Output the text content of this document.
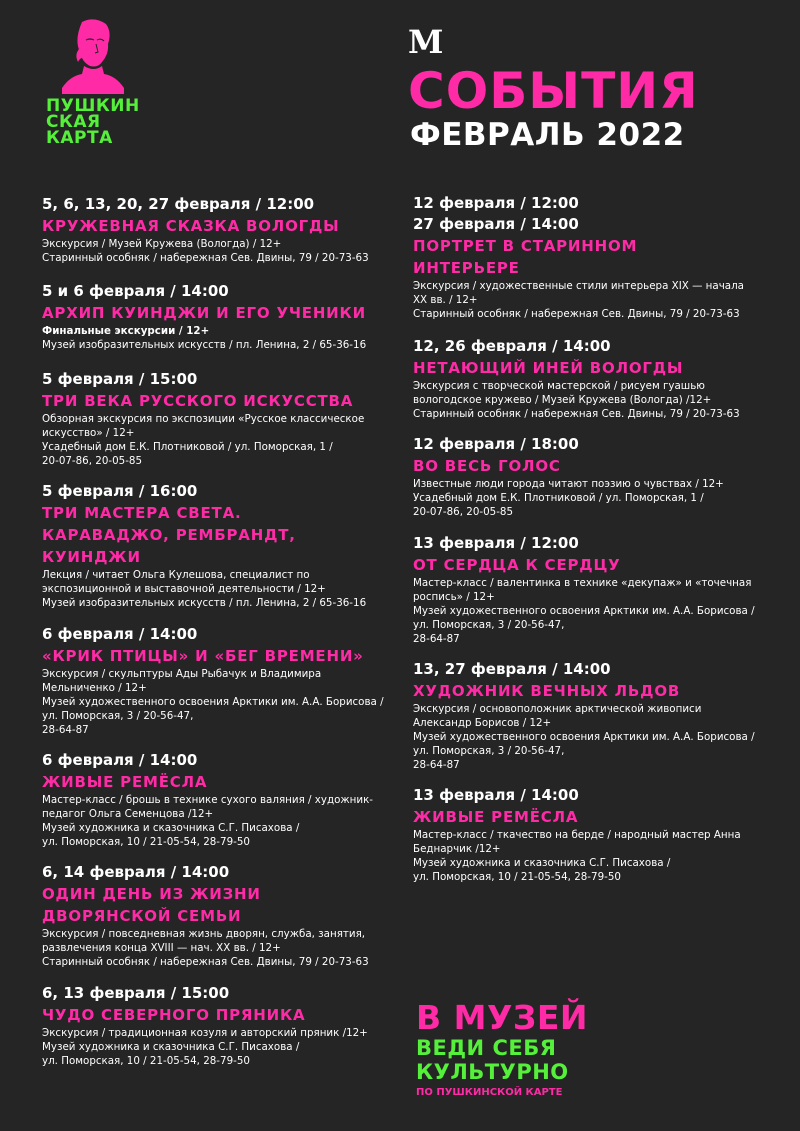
ПУШКИН
СКАЯ
КАРТА
М
СОБЫТИЯ
ФЕВРАЛЬ 2022
5, 6, 13, 20, 27 февраля / 12:00
КРУЖЕВНАЯ СКАЗКА ВОЛОГДЫ

Экскурсия / Музей Кружева (Вологда) / 12+

Старинный особняк / набережная Сев. Двины, 79 / 20-73-63

5 и 6 февраля / 14:00
АРХИП КУИНДЖИ И ЕГО УЧЕНИКИ

Финальные экскурсии / 12+

Музей изобразительных искусств / пл. Ленина, 2 / 65-36-16

5 февраля / 15:00
ТРИ ВЕКА РУССКОГО ИСКУССТВА

Обзорная экскурсия по экспозиции «Русское классическое

искусство» / 12+

Усадебный дом Е.К. Плотниковой / ул. Поморская, 1 /

20-07-86, 20-05-85

5 февраля / 16:00
ТРИ МАСТЕРА СВЕТА. КАРАВАДЖО, РЕМБРАНДТ, КУИНДЖИ

Лекция / читает Ольга Кулешова, специалист по

экспозиционной и выставочной деятельности / 12+

Музей изобразительных искусств / пл. Ленина, 2 / 65-36-16

6 февраля / 14:00
«КРИК ПТИЦЫ» И «БЕГ ВРЕМЕНИ»

Экскурсия / скульптуры Ады Рыбачук и Владимира

Мельниченко / 12+

Музей художественного освоения Арктики им. А.А. Борисова /

ул. Поморская, 3 / 20-56-47,

28-64-87

6 февраля / 14:00
ЖИВЫЕ РЕМЁСЛА

Мастер-класс / брошь в технике сухого валяния / художник-

педагог Ольга Семенцова /12+

Музей художника и сказочника С.Г. Писахова /

ул. Поморская, 10 / 21-05-54, 28-79-50

6, 14 февраля / 14:00
ОДИН ДЕНЬ ИЗ ЖИЗНИ ДВОРЯНСКОЙ СЕМЬИ

Экскурсия / повседневная жизнь дворян, служба, занятия,

развлечения конца XVIII — нач. XX вв. / 12+

Старинный особняк / набережная Сев. Двины, 79 / 20-73-63

6, 13 февраля / 15:00
ЧУДО СЕВЕРНОГО ПРЯНИКА

Экскурсия / традиционная козуля и авторский пряник /12+

Музей художника и сказочника С.Г. Писахова /

ул. Поморская, 10 / 21-05-54, 28-79-50

12 февраля / 12:00
27 февраля / 14:00
ПОРТРЕТ В СТАРИННОМ ИНТЕРЬЕРЕ

Экскурсия / художественные стили интерьера XIX — начала

XX вв. / 12+

Старинный особняк / набережная Сев. Двины, 79 / 20-73-63

12, 26 февраля / 14:00
НЕТАЮЩИЙ ИНЕЙ ВОЛОГДЫ

Экскурсия с творческой мастерской / рисуем гуашью

вологодское кружево / Музей Кружева (Вологда) /12+

Старинный особняк / набережная Сев. Двины, 79 / 20-73-63

12 февраля / 18:00
ВО ВЕСЬ ГОЛОС

Известные люди города читают поэзию о чувствах / 12+

Усадебный дом Е.К. Плотниковой / ул. Поморская, 1 /

20-07-86, 20-05-85

13 февраля / 12:00
ОТ СЕРДЦА К СЕРДЦУ

Мастер-класс / валентинка в технике «декупаж» и «точечная

роспись» / 12+

Музей художественного освоения Арктики им. А.А. Борисова /

ул. Поморская, 3 / 20-56-47,

28-64-87

13, 27 февраля / 14:00
ХУДОЖНИК ВЕЧНЫХ ЛЬДОВ

Экскурсия / основоположник арктической живописи

Александр Борисов / 12+

Музей художественного освоения Арктики им. А.А. Борисова /

ул. Поморская, 3 / 20-56-47,

28-64-87

13 февраля / 14:00
ЖИВЫЕ РЕМЁСЛА

Мастер-класс / ткачество на берде / народный мастер Анна

Беднарчик /12+

Музей художника и сказочника С.Г. Писахова /

ул. Поморская, 10 / 21-05-54, 28-79-50

В МУЗЕЙ
ВЕДИ СЕБЯ
КУЛЬТУРНО
ПО ПУШКИНСКОЙ КАРТЕ
